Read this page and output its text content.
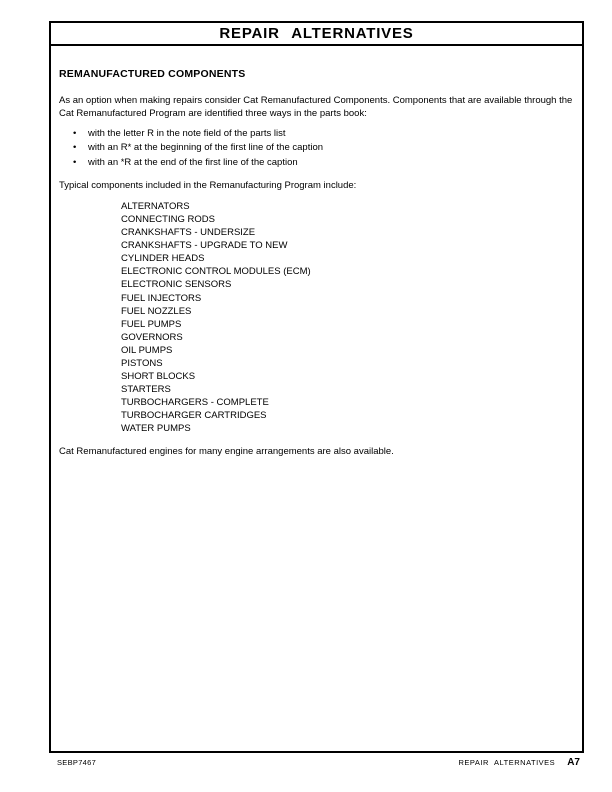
REPAIR ALTERNATIVES
REMANUFACTURED COMPONENTS

As an option when making repairs consider Cat Remanufactured Components. Components that are available through the Cat Remanufactured Program are identified three ways in the parts book:

•	with the letter R in the note field of the parts list
•	with an R* at the beginning of the first line of the caption
•	with an *R at the end of the first line of the caption

Typical components included in the Remanufacturing Program include:

ALTERNATORS
CONNECTING RODS
CRANKSHAFTS - UNDERSIZE
CRANKSHAFTS - UPGRADE TO NEW
CYLINDER HEADS
ELECTRONIC CONTROL MODULES (ECM)
ELECTRONIC SENSORS
FUEL INJECTORS
FUEL NOZZLES
FUEL PUMPS
GOVERNORS
OIL PUMPS
PISTONS
SHORT BLOCKS
STARTERS
TURBOCHARGERS - COMPLETE
TURBOCHARGER CARTRIDGES
WATER PUMPS

Cat Remanufactured engines for many engine arrangements are also available.

SEBP7467	REPAIR ALTERNATIVES A7
